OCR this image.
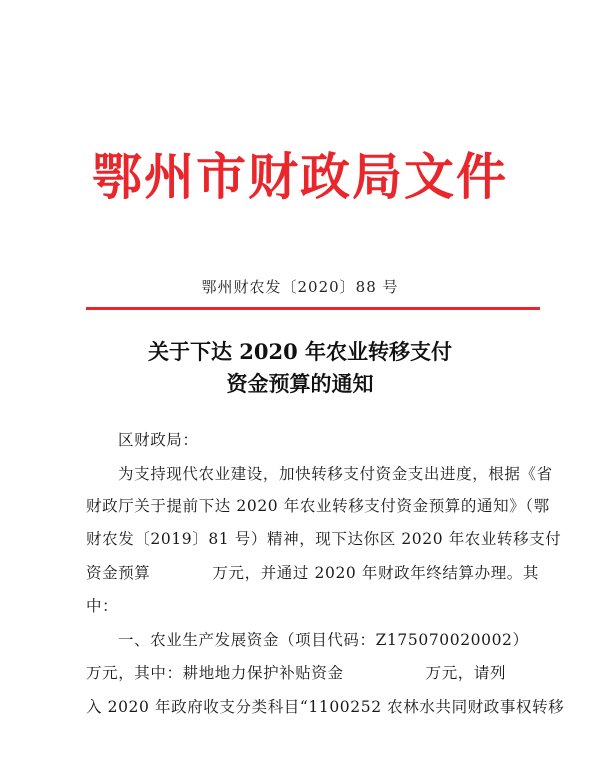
鄂州市财政局文件
鄂州财农发〔2020〕88 号
关于下达 2020 年农业转移支付
资金预算的通知
区财政局：
为支持现代农业建设，加快转移支付资金支出进度，根据《省
财政厅关于提前下达 2020 年农业转移支付资金预算的通知》（鄂
财农发〔2019〕81 号）精神，现下达你区 2020 年农业转移支付
资金预算	万元，并通过 2020 年财政年终结算办理。其
中：
一、农业生产发展资金（项目代码：Z175070020002）
万元，其中：耕地地力保护补贴资金	万元，请列
入 2020 年政府收支分类科目“1100252 农林水共同财政事权转移
